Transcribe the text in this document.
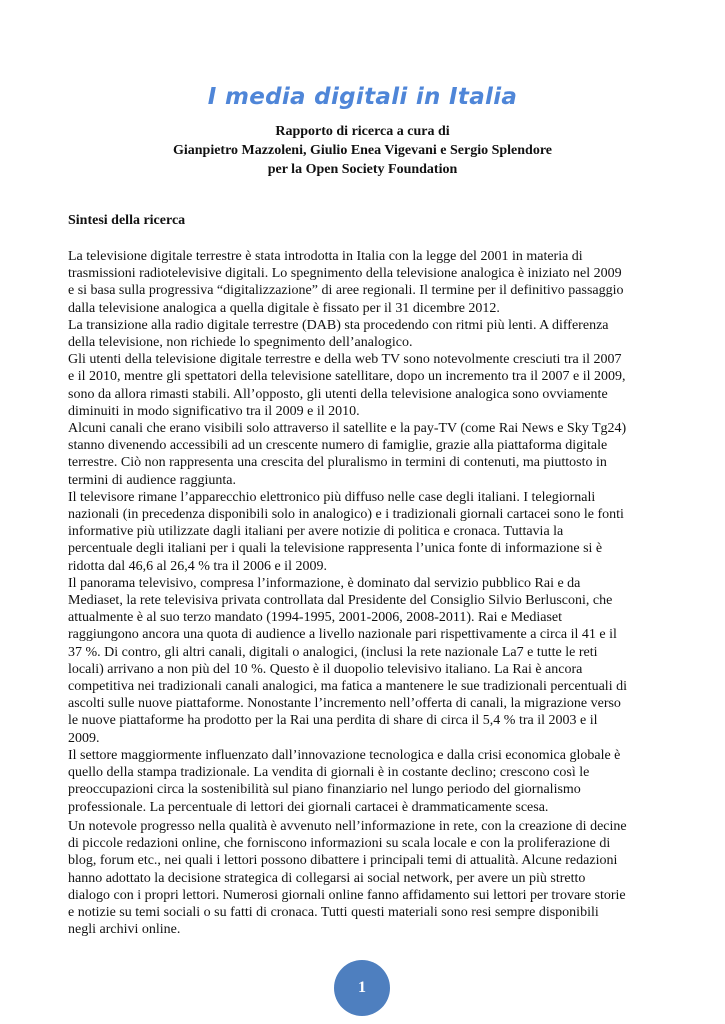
I media digitali in Italia
Rapporto di ricerca a cura di
Gianpietro Mazzoleni, Giulio Enea Vigevani e Sergio Splendore
per la Open Society Foundation
Sintesi della ricerca
La televisione digitale terrestre è stata introdotta in Italia con la legge del 2001 in materia di
trasmissioni radiotelevisive digitali. Lo spegnimento della televisione analogica è iniziato nel 2009
e si basa sulla progressiva “digitalizzazione” di aree regionali. Il termine per il definitivo passaggio
dalla televisione analogica a quella digitale è fissato per il 31 dicembre 2012.
La transizione alla radio digitale terrestre (DAB) sta procedendo con ritmi più lenti. A differenza
della televisione, non richiede lo spegnimento dell’analogico.
Gli utenti della televisione digitale terrestre e della web TV sono notevolmente cresciuti tra il 2007
e il 2010, mentre gli spettatori della televisione satellitare, dopo un incremento tra il 2007 e il 2009,
sono da allora rimasti stabili. All’opposto, gli utenti della televisione analogica sono ovviamente
diminuiti in modo significativo tra il 2009 e il 2010.
Alcuni canali che erano visibili solo attraverso il satellite e la pay-TV (come Rai News e Sky Tg24)
stanno divenendo accessibili ad un crescente numero di famiglie, grazie alla piattaforma digitale
terrestre. Ciò non rappresenta una crescita del pluralismo in termini di contenuti, ma piuttosto in
termini di audience raggiunta.
Il televisore rimane l’apparecchio elettronico più diffuso nelle case degli italiani. I telegiornali
nazionali (in precedenza disponibili solo in analogico) e i tradizionali giornali cartacei sono le fonti
informative più utilizzate dagli italiani per avere notizie di politica e cronaca. Tuttavia la
percentuale degli italiani per i quali la televisione rappresenta l’unica fonte di informazione si è
ridotta dal 46,6 al 26,4 % tra il 2006 e il 2009.
Il panorama televisivo, compresa l’informazione, è dominato dal servizio pubblico Rai e da
Mediaset, la rete televisiva privata controllata dal Presidente del Consiglio Silvio Berlusconi, che
attualmente è al suo terzo mandato (1994-1995, 2001-2006, 2008-2011). Rai e Mediaset
raggiungono ancora una quota di audience a livello nazionale pari rispettivamente a circa il 41 e il
37 %. Di contro, gli altri canali, digitali o analogici, (inclusi la rete nazionale La7 e tutte le reti
locali) arrivano a non più del 10 %. Questo è il duopolio televisivo italiano. La Rai è ancora
competitiva nei tradizionali canali analogici, ma fatica a mantenere le sue tradizionali percentuali di
ascolti sulle nuove piattaforme. Nonostante l’incremento nell’offerta di canali, la migrazione verso
le nuove piattaforme ha prodotto per la Rai una perdita di share di circa il 5,4 % tra il 2003 e il
2009.
Il settore maggiormente influenzato dall’innovazione tecnologica e dalla crisi economica globale è
quello della stampa tradizionale. La vendita di giornali è in costante declino; crescono così le
preoccupazioni circa la sostenibilità sul piano finanziario nel lungo periodo del giornalismo
professionale. La percentuale di lettori dei giornali cartacei è drammaticamente scesa.
Un notevole progresso nella qualità è avvenuto nell’informazione in rete, con la creazione di decine
di piccole redazioni online, che forniscono informazioni su scala locale e con la proliferazione di
blog, forum etc., nei quali i lettori possono dibattere i principali temi di attualità. Alcune redazioni
hanno adottato la decisione strategica di collegarsi ai social network, per avere un più stretto
dialogo con i propri lettori. Numerosi giornali online fanno affidamento sui lettori per trovare storie
e notizie su temi sociali o su fatti di cronaca. Tutti questi materiali sono resi sempre disponibili
negli archivi online.
1
